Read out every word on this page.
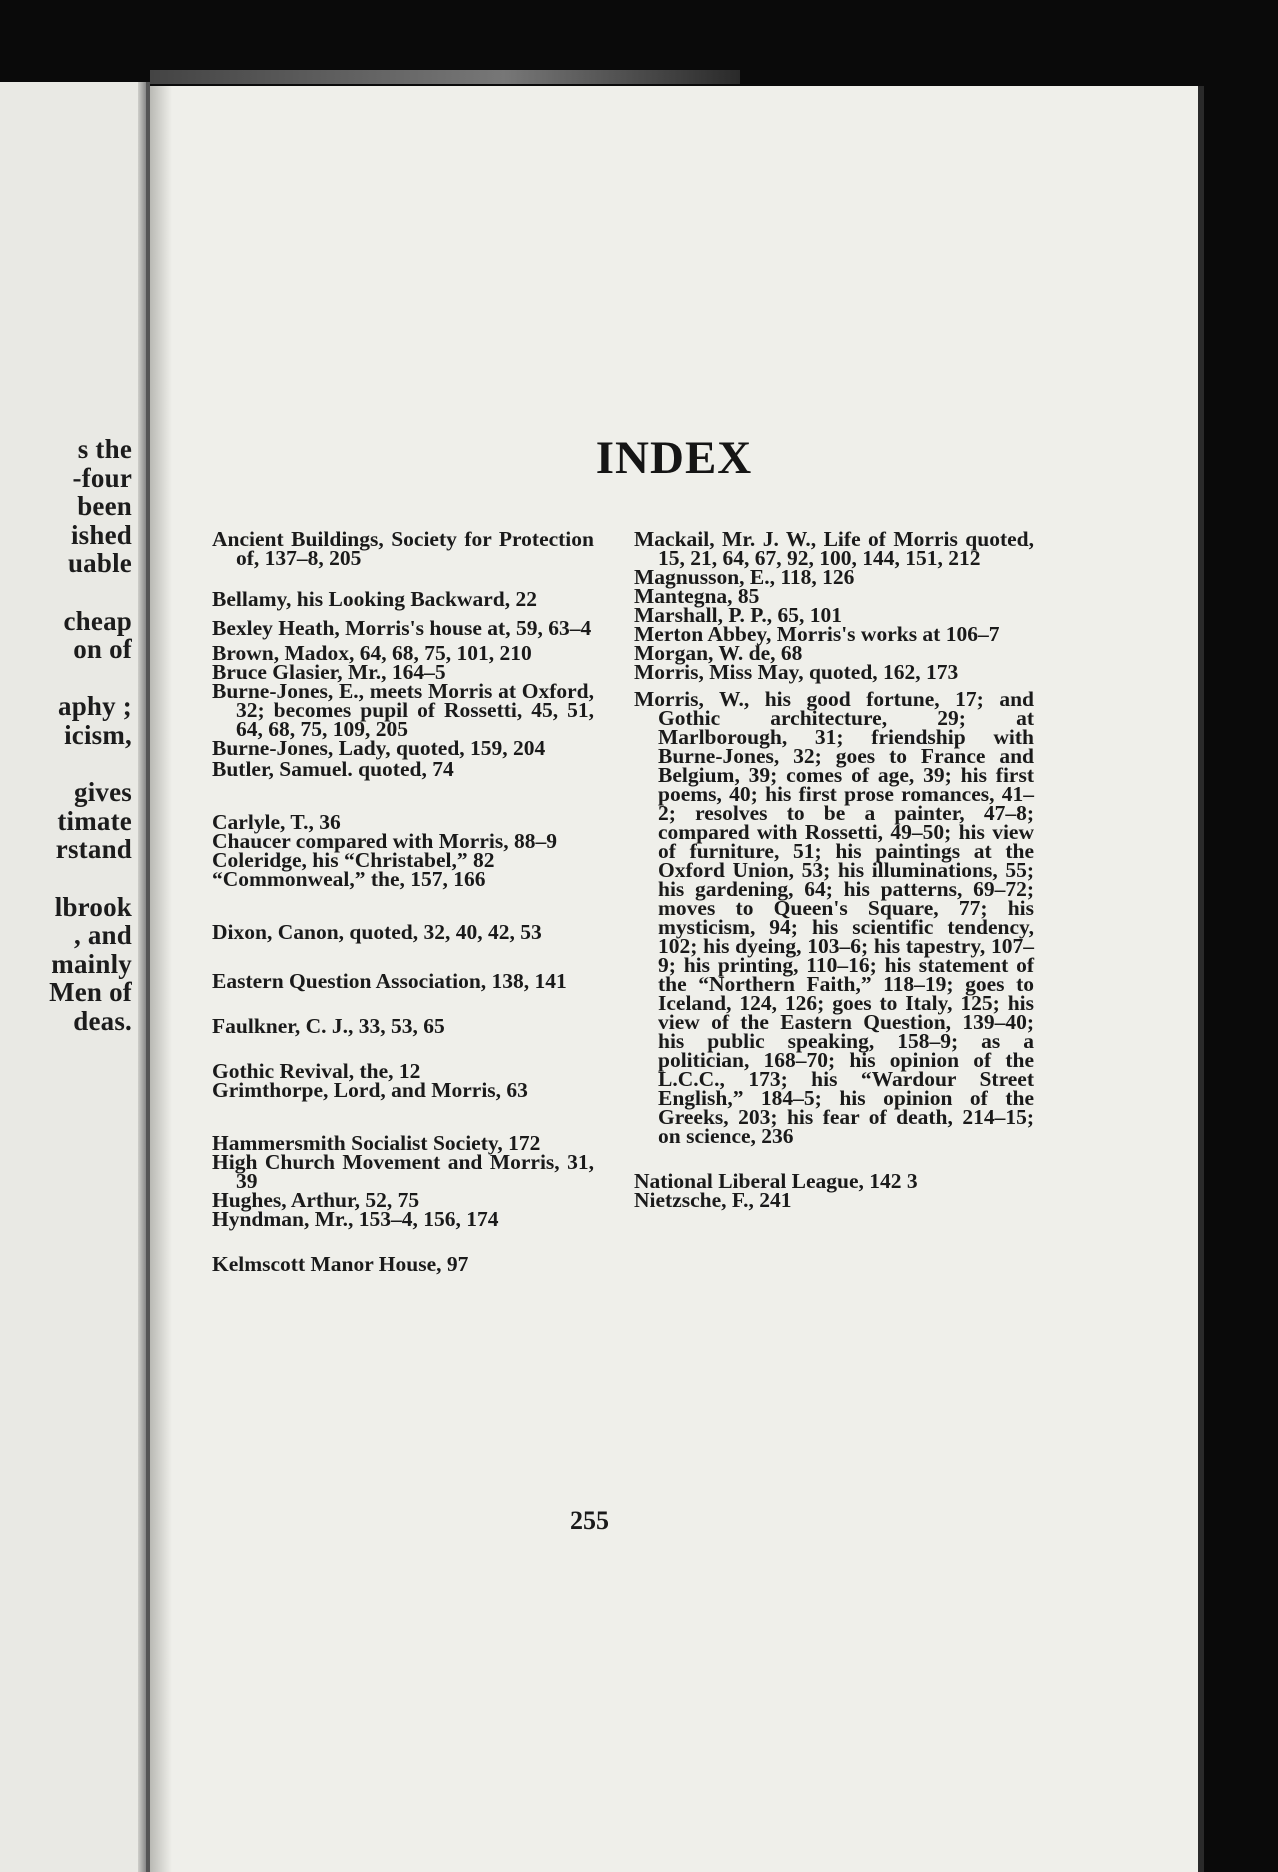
s the
-four
been
ished
uable
cheap
on of
aphy ;
icism,
gives
timate
rstand
lbrook
, and
mainly
Men of
deas.
INDEX
Ancient Buildings, Society for Protection of, 137–8, 205
Bellamy, his Looking Backward, 22
Bexley Heath, Morris's house at, 59, 63–4
Brown, Madox, 64, 68, 75, 101, 210
Bruce Glasier, Mr., 164–5
Burne-Jones, E., meets Morris at Oxford, 32; becomes pupil of Rossetti, 45, 51, 64, 68, 75, 109, 205
Burne-Jones, Lady, quoted, 159, 204
Butler, Samuel. quoted, 74
Carlyle, T., 36
Chaucer compared with Morris, 88–9
Coleridge, his “Christabel,” 82
“Commonweal,” the, 157, 166
Dixon, Canon, quoted, 32, 40, 42, 53
Eastern Question Association, 138, 141
Faulkner, C. J., 33, 53, 65
Gothic Revival, the, 12
Grimthorpe, Lord, and Morris, 63
Hammersmith Socialist Society, 172
High Church Movement and Morris, 31, 39
Hughes, Arthur, 52, 75
Hyndman, Mr., 153–4, 156, 174
Kelmscott Manor House, 97
Mackail, Mr. J. W., Life of Morris quoted, 15, 21, 64, 67, 92, 100, 144, 151, 212
Magnusson, E., 118, 126
Mantegna, 85
Marshall, P. P., 65, 101
Merton Abbey, Morris's works at 106–7
Morgan, W. de, 68
Morris, Miss May, quoted, 162, 173
Morris, W., his good fortune, 17; and Gothic architecture, 29; at Marlborough, 31; friendship with Burne-Jones, 32; goes to France and Belgium, 39; comes of age, 39; his first poems, 40; his first prose romances, 41–2; resolves to be a painter, 47–8; compared with Rossetti, 49–50; his view of furniture, 51; his paintings at the Oxford Union, 53; his illuminations, 55; his gardening, 64; his patterns, 69–72; moves to Queen's Square, 77; his mysticism, 94; his scientific tendency, 102; his dyeing, 103–6; his tapestry, 107–9; his printing, 110–16; his statement of the “Northern Faith,” 118–19; goes to Iceland, 124, 126; goes to Italy, 125; his view of the Eastern Question, 139–40; his public speaking, 158–9; as a politician, 168–70; his opinion of the L.C.C., 173; his “Wardour Street English,” 184–5; his opinion of the Greeks, 203; his fear of death, 214–15; on science, 236
National Liberal League, 142 3
Nietzsche, F., 241
255
